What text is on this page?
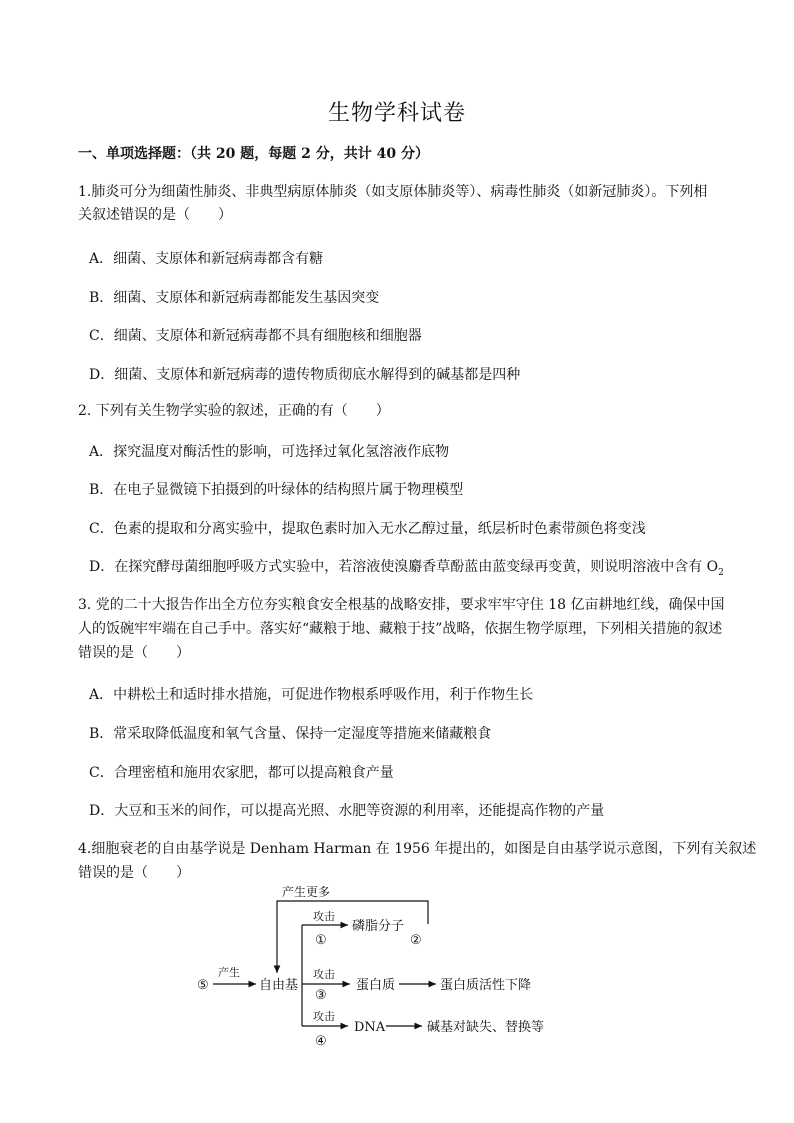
生物学科试卷
一、单项选择题：（共 20 题，每题 2 分，共计 40 分）
1.肺炎可分为细菌性肺炎、非典型病原体肺炎（如支原体肺炎等）、病毒性肺炎（如新冠肺炎）。下列相
关叙述错误的是（　　）
A．细菌、支原体和新冠病毒都含有糖
B．细菌、支原体和新冠病毒都能发生基因突变
C．细菌、支原体和新冠病毒都不具有细胞核和细胞器
D．细菌、支原体和新冠病毒的遗传物质彻底水解得到的碱基都是四种
2. 下列有关生物学实验的叙述，正确的有（　　）
A．探究温度对酶活性的影响，可选择过氧化氢溶液作底物
B．在电子显微镜下拍摄到的叶绿体的结构照片属于物理模型
C．色素的提取和分离实验中，提取色素时加入无水乙醇过量，纸层析时色素带颜色将变浅
D．在探究酵母菌细胞呼吸方式实验中，若溶液使溴麝香草酚蓝由蓝变绿再变黄，则说明溶液中含有 $O_2$
3. 党的二十大报告作出全方位夯实粮食安全根基的战略安排，要求牢牢守住 18 亿亩耕地红线，确保中国
人的饭碗牢牢端在自己手中。落实好“藏粮于地、藏粮于技”战略，依据生物学原理，下列相关措施的叙述
错误的是（　　）
A．中耕松土和适时排水措施，可促进作物根系呼吸作用，利于作物生长
B．常采取降低温度和氧气含量、保持一定湿度等措施来储藏粮食
C．合理密植和施用农家肥，都可以提高粮食产量
D．大豆和玉米的间作，可以提高光照、水肥等资源的利用率，还能提高作物的产量
4.细胞衰老的自由基学说是 Denham Harman 在 1956 年提出的，如图是自由基学说示意图，下列有关叙述
错误的是（　　）
产生更多
⑤
产生
自由基
攻击
①
磷脂分子
②
攻击
③
蛋白质	蛋白质活性下降
攻击
④
DNA	碱基对缺失、替换等
